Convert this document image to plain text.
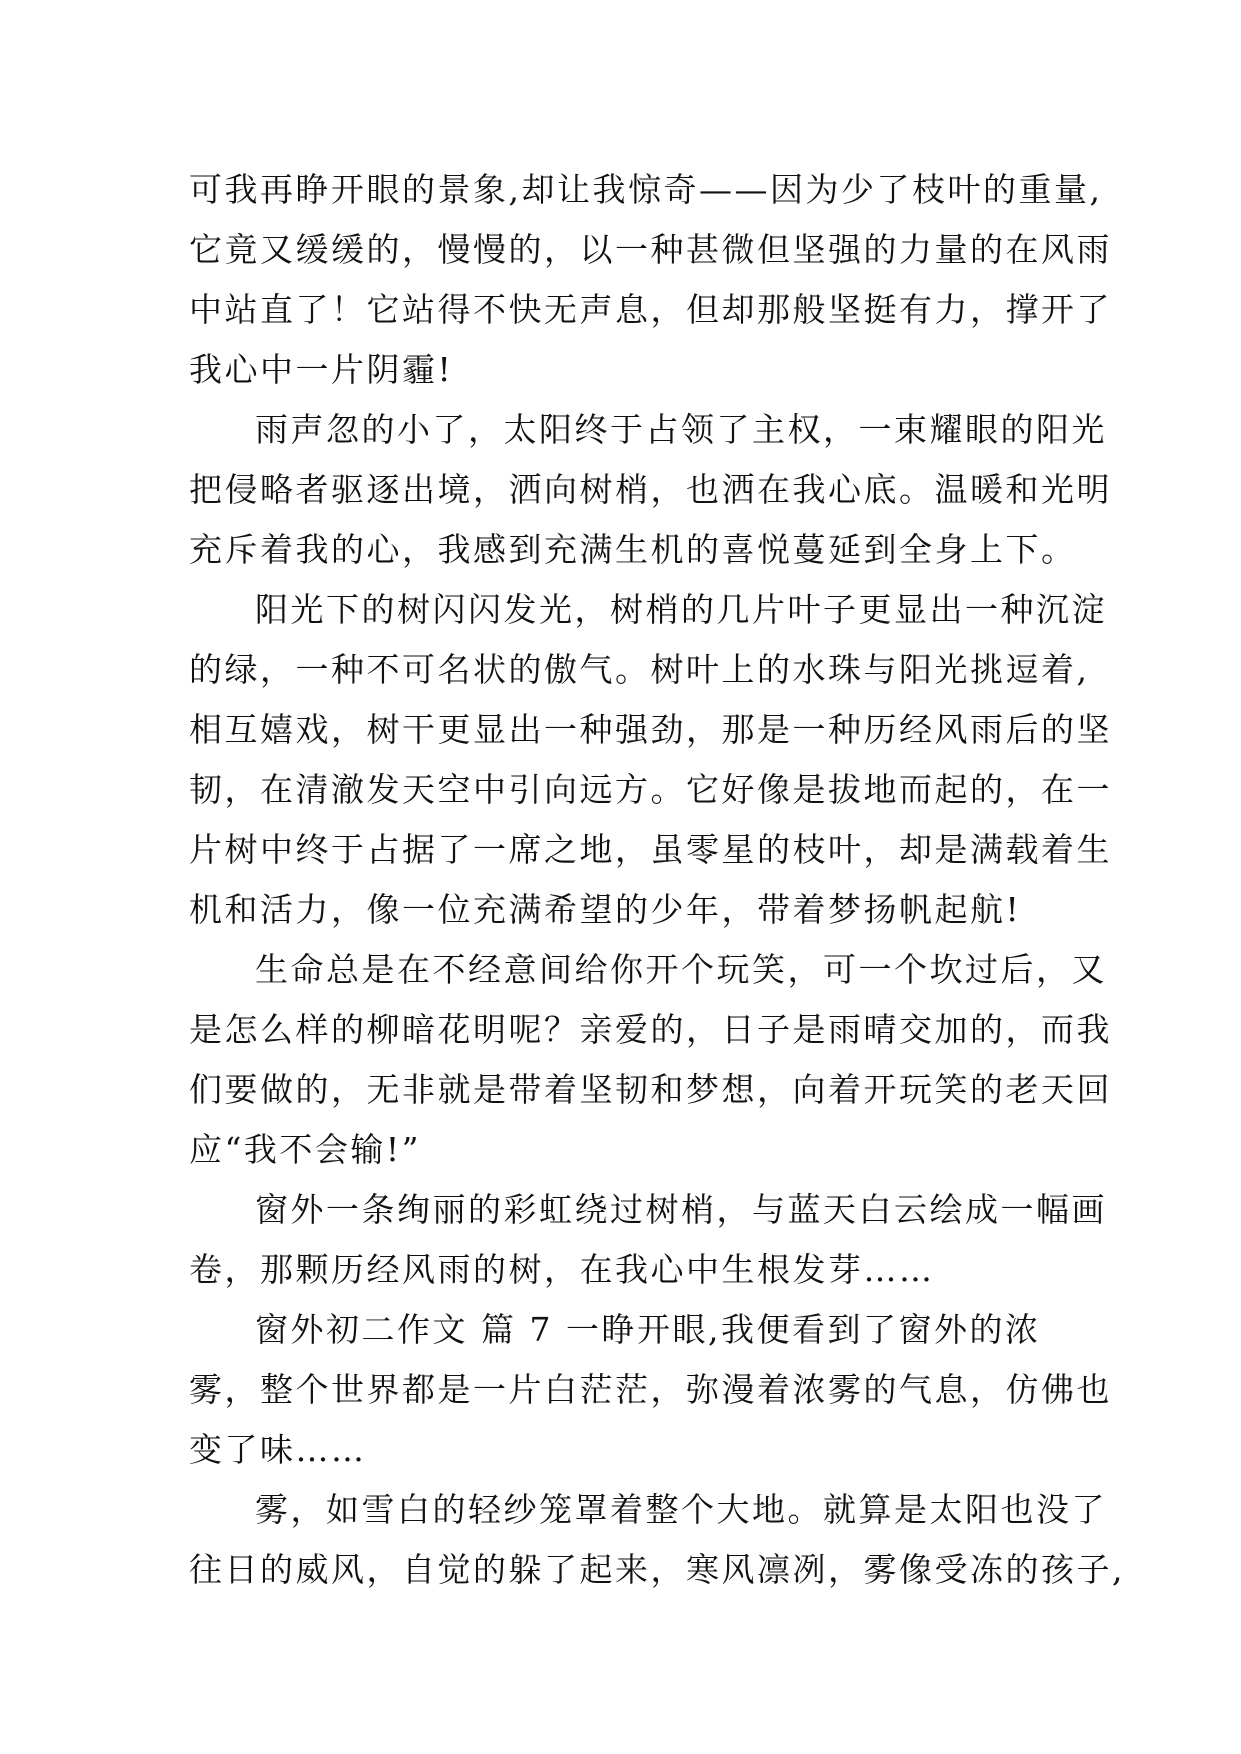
可我再睁开眼的景象,却让我惊奇——因为少了枝叶的重量,
它竟又缓缓的，慢慢的，以一种甚微但坚强的力量的在风雨
中站直了！它站得不快无声息，但却那般坚挺有力，撑开了
我心中一片阴霾!
雨声忽的小了，太阳终于占领了主权，一束耀眼的阳光
把侵略者驱逐出境，洒向树梢，也洒在我心底。温暖和光明
充斥着我的心，我感到充满生机的喜悦蔓延到全身上下。
阳光下的树闪闪发光，树梢的几片叶子更显出一种沉淀
的绿，一种不可名状的傲气。树叶上的水珠与阳光挑逗着,
相互嬉戏，树干更显出一种强劲，那是一种历经风雨后的坚
韧，在清澈发天空中引向远方。它好像是拔地而起的，在一
片树中终于占据了一席之地，虽零星的枝叶，却是满载着生
机和活力，像一位充满希望的少年，带着梦扬帆起航!
生命总是在不经意间给你开个玩笑，可一个坎过后，又
是怎么样的柳暗花明呢？亲爱的，日子是雨晴交加的，而我
们要做的，无非就是带着坚韧和梦想，向着开玩笑的老天回
应“我不会输!”
窗外一条绚丽的彩虹绕过树梢，与蓝天白云绘成一幅画
卷，那颗历经风雨的树，在我心中生根发芽……
窗外初二作文 篇 7 一睁开眼,我便看到了窗外的浓
雾，整个世界都是一片白茫茫，弥漫着浓雾的气息，仿佛也
变了味……
雾，如雪白的轻纱笼罩着整个大地。就算是太阳也没了
往日的威风，自觉的躲了起来，寒风凛冽，雾像受冻的孩子,
